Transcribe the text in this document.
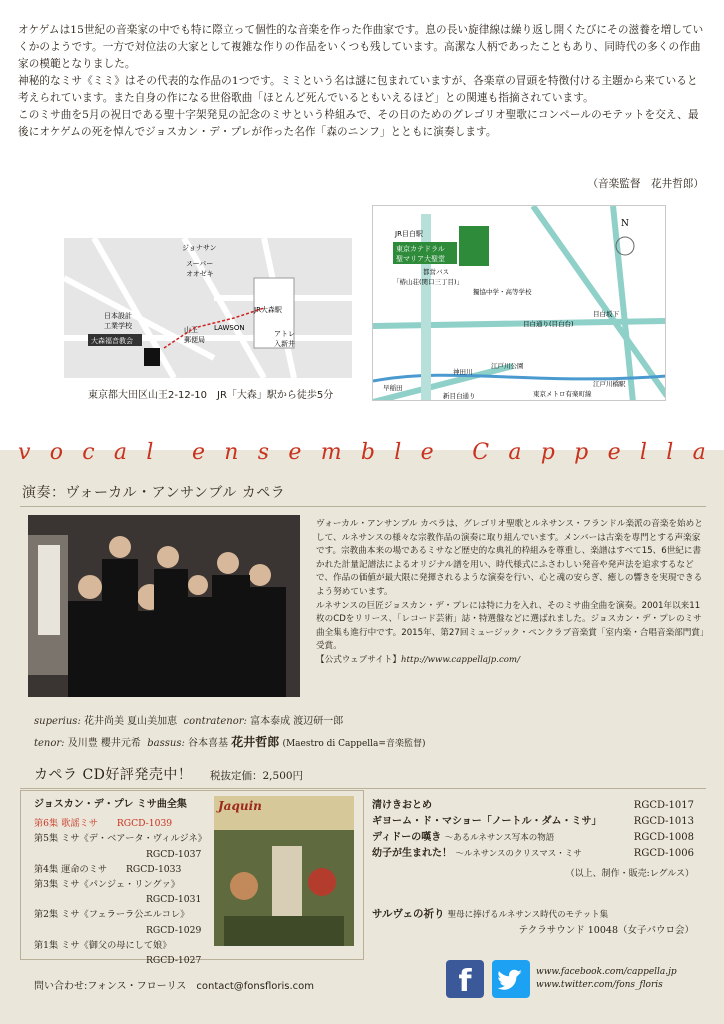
オケゲムは15世紀の音楽家の中でも特に際立って個性的な音楽を作った作曲家です。息の長い旋律線は繰り返し開くたびにその滋養を増していくかのようです。一方で対位法の大家として複雑な作りの作品をいくつも残しています。高潔な人柄であったこともあり、同時代の多くの作曲家の模範となりました。

神秘的なミサ《ミミ》はその代表的な作品の1つです。ミミという名は謎に包まれていますが、各楽章の冒頭を特徴付ける主題から来ていると考えられています。また自身の作になる世俗歌曲「ほとんど死んでいるともいえるほど」との関連も指摘されています。

このミサ曲を5月の祝日である聖十字架発見の記念のミサという枠組みで、その日のためのグレゴリオ聖歌にコンペールのモテットを交え、最後にオケゲムの死を悼んでジョスカン・デ・プレが作った名作「森のニンフ」とともに演奏します。

（音楽監督　花井哲郎）
大森福音教会
ジョナサン
スーパー
オオゼキ
JR大森駅
LAWSON
アトレ
入新井
日本設計
工業学校	山王
郵便局
東京都大田区山王2-12-10　JR「大森」駅から徒歩5分
東京カテドラル
聖マリア大聖堂
JR目白駅
都営バス
「椿山荘(関口三丁目)」
獨協中学・高等学校
目白通り(目白台)
目白坂下
東京メトロ有楽町線
江戸川橋駅
早稲田
新目白通り
神田川
江戸川公園
N
v o c a l e n s e m b l e C a p p e l l a
演奏：ヴォーカル・アンサンブル カペラ

ヴォーカル・アンサンブル カペラは、グレゴリオ聖歌とルネサンス・フランドル楽派の音楽を始めとして、ルネサンスの様々な宗教作品の演奏に取り組んでいます。メンバーは古楽を専門とする声楽家です。宗教曲本来の場であるミサなど歴史的な典礼的枠組みを尊重し、楽譜はすべて15、6世紀に書かれた計量記譜法によるオリジナル譜を用い、時代様式にふさわしい発音や発声法を追求するなどで、作品の価値が最大限に発揮されるような演奏を行い、心と魂の安らぎ、癒しの響きを実現できるよう努めています。

ルネサンスの巨匠ジョスカン・デ・プレには特に力を入れ、そのミサ曲全曲を演奏。2001年以来11枚のCDをリリース、「レコード芸術」誌・特選盤などに選ばれました。ジョスカン・デ・プレのミサ曲全集も進行中です。2015年、第27回ミュージック・ペンクラブ音楽賞「室内楽・合唱音楽部門賞」受賞。

【公式ウェブサイト】http://www.cappellajp.com/

superius: 花井尚美 夏山美加恵 contratenor: 富本泰成 渡辺研一郎
tenor: 及川豊 櫻井元希 bassus: 谷本喜基 花井哲郎 (Maestro di Cappella=音楽監督)
カペラ CD好評発売中！ 税抜定価：2,500円
ジョスカン・デ・プレ ミサ曲全集
第6集 歌謡ミサ RGCD-1039
第5集 ミサ《デ・ベアータ・ヴィルジネ》
RGCD-1037
第4集 運命のミサ RGCD-1033
第3集 ミサ《パンジェ・リングァ》
RGCD-1031
第2集 ミサ《フェラーラ公エルコレ》
RGCD-1029
第1集 ミサ《御父の母にして娘》
RGCD-1027
Jaquin	清けきおとめ	RGCD-1017
ギヨーム・ド・マショー「ノートル・ダム・ミサ」	RGCD-1013
ディドーの嘆き ～あるルネサンス写本の物語	RGCD-1008
幼子が生まれた！ ～ルネサンスのクリスマス・ミサ	RGCD-1006
（以上、制作・販売:レグルス）
サルヴェの祈り 聖母に捧げるルネサンス時代のモテット集
テクラサウンド 10048（女子パウロ会）
問い合わせ:フォンス・フローリス　contact@fonsfloris.com	f	www.facebook.com/cappella.jp
www.twitter.com/fons_floris
